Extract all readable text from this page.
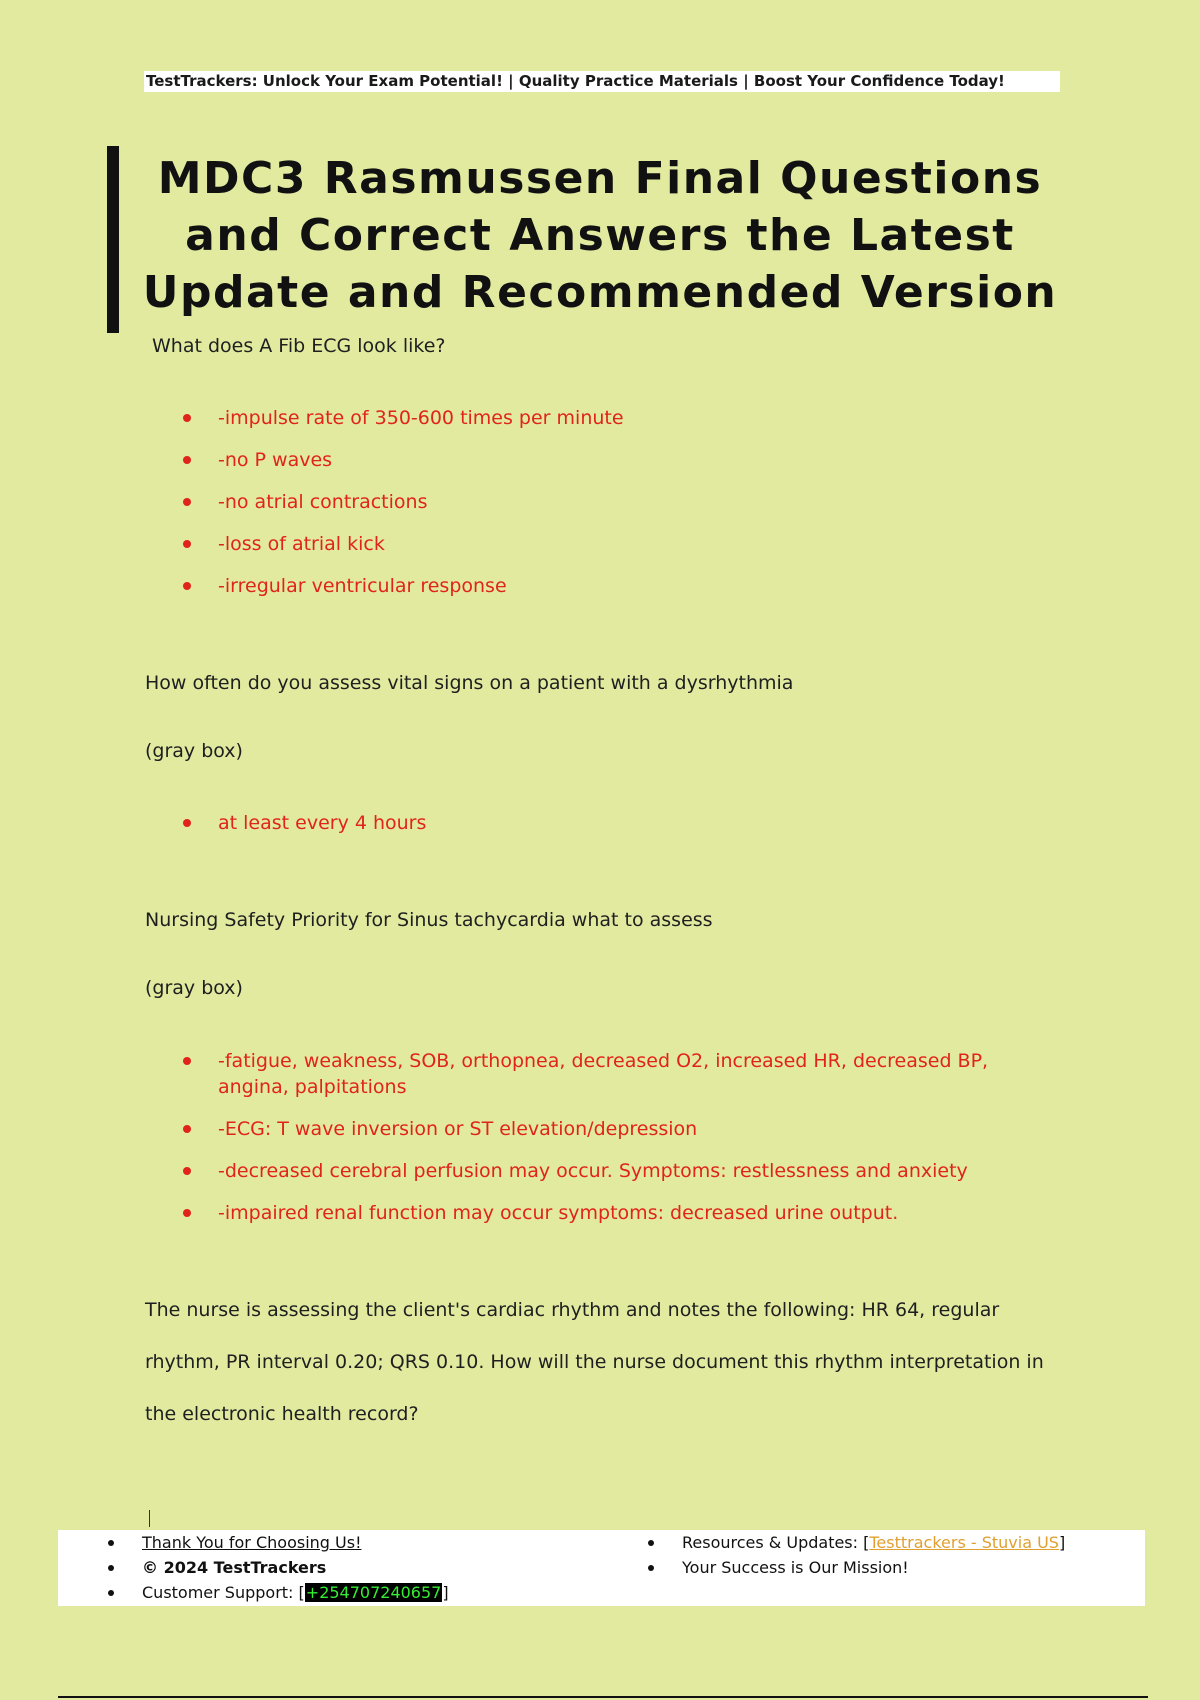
TestTrackers: Unlock Your Exam Potential! | Quality Practice Materials | Boost Your Confidence Today!
MDC3 Rasmussen Final Questions and Correct Answers the Latest Update and Recommended Version
What does A Fib ECG look like?
-impulse rate of 350-600 times per minute
-no P waves
-no atrial contractions
-loss of atrial kick
-irregular ventricular response
How often do you assess vital signs on a patient with a dysrhythmia
(gray box)
at least every 4 hours
Nursing Safety Priority for Sinus tachycardia what to assess
(gray box)
-fatigue, weakness, SOB, orthopnea, decreased O2, increased HR, decreased BP, angina, palpitations
-ECG: T wave inversion or ST elevation/depression
-decreased cerebral perfusion may occur. Symptoms: restlessness and anxiety
-impaired renal function may occur symptoms: decreased urine output.
The nurse is assessing the client's cardiac rhythm and notes the following: HR 64, regular rhythm, PR interval 0.20; QRS 0.10. How will the nurse document this rhythm interpretation in the electronic health record?
Thank You for Choosing Us!
© 2024 TestTrackers
Customer Support: [+254707240657]
Resources & Updates: [Testtrackers - Stuvia US]
Your Success is Our Mission!
